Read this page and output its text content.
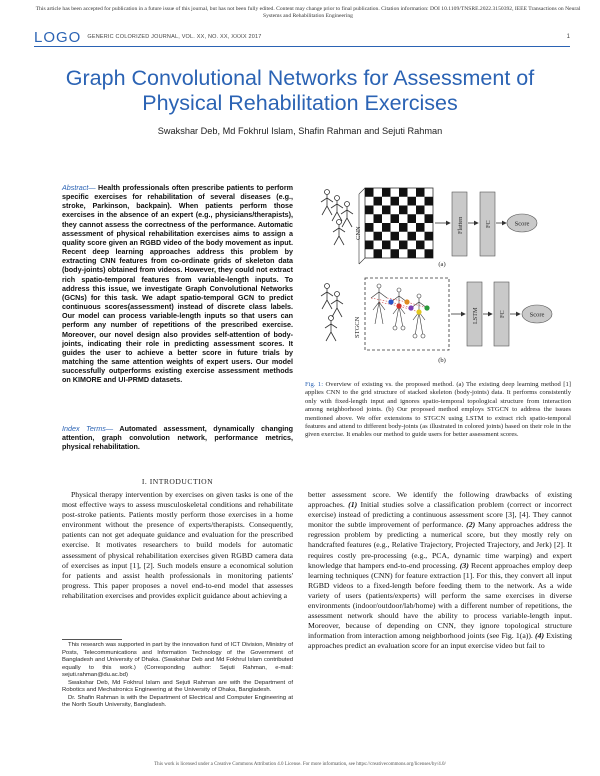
This article has been accepted for publication in a future issue of this journal, but has not been fully edited. Content may change prior to final publication. Citation information: DOI 10.1109/TNSRE.2022.3150392, IEEE Transactions on Neural Systems and Rehabilitation Engineering
LOGO GENERIC COLORIZED JOURNAL, VOL. XX, NO. XX, XXXX 2017	1
Graph Convolutional Networks for Assessment of Physical Rehabilitation Exercises
Swakshar Deb, Md Fokhrul Islam, Shafin Rahman and Sejuti Rahman
Abstract— Health professionals often prescribe patients to perform specific exercises for rehabilitation of several diseases (e.g., stroke, Parkinson, backpain). When patients perform those exercises in the absence of an expert (e.g., physicians/therapists), they cannot assess the correctness of the performance. Automatic assessment of physical rehabilitation exercises aims to assign a quality score given an RGBD video of the body movement as input. Recent deep learning approaches address this problem by extracting CNN features from co-ordinate grids of skeleton data (body-joints) obtained from videos. However, they could not extract rich spatio-temporal features from variable-length inputs. To address this issue, we investigate Graph Convolutional Networks (GCNs) for this task. We adapt spatio-temporal GCN to predict continuous scores(assessment) instead of discrete class labels. Our model can process variable-length inputs so that users can perform any number of repetitions of the prescribed exercise. Moreover, our novel design also provides self-attention of body-joints, indicating their role in predicting assessment scores. It guides the user to achieve a better score in future trials by matching the same attention weights of expert users. Our model successfully outperforms existing exercise assessment methods on KIMORE and UI-PRMD datasets.
Index Terms— Automated assessment, dynamically changing attention, graph convolution network, performance metrics, physical rehabilitation.
CNN	Flatten	FC	Score
(a)
STGCN
LSTM	FC	Score
(b)
Fig. 1: Overview of existing vs. the proposed method. (a) The existing deep learning method [1] applies CNN to the grid structure of stacked skeleton (body-joints) data. It performs consistently only with fixed-length input and ignores spatio-temporal topological structure from interaction among neighborhood joints. (b) Our proposed method employs STGCN to address the issues mentioned above. We offer extensions to STGCN using LSTM to extract rich spatio-temporal features and attend to different body-joints (as illustrated in colored joints) based on their role in the given exercise. It enables our method to guide users for better assessment scores.
I. INTRODUCTION
Physical therapy intervention by exercises on given tasks is one of the most effective ways to assess musculoskeletal conditions and rehabilitate post-stroke patients. Patients mostly perform those exercises in a home environment without the presence of experts/therapists. Consequently, patients can not get adequate guidance and evaluation for the prescribed exercise. It motivates researchers to build models for automatic assessment of physical rehabilitation exercises given RGBD camera data of exercises as input [1], [2]. Such models ensure a economical solution for patients and assist health professionals in monitoring patients' progress. This paper proposes a novel end-to-end model that assesses rehabilitation exercises and provides explicit guidance about achieving a
better assessment score. We identify the following drawbacks of existing approaches. (1) Initial studies solve a classification problem (correct or incorrect exercise) instead of predicting a continuous assessment score [3], [4]. They cannot monitor the subtle improvement of performance. (2) Many approaches address the regression problem by predicting a numerical score, but they mostly rely on handcrafted features (e.g., Relative Trajectory, Projected Trajectory, and Jerk) [2]. It requires costly pre-processing (e.g., PCA, dynamic time warping) and expert knowledge that hampers end-to-end processing. (3) Recent approaches employ deep learning techniques (CNN) for feature extraction [1]. For this, they convert all input RGBD videos to a fixed-length before feeding them to the network. As a wide variety of users (patients/experts) will perform the same exercises in diverse environments (indoor/outdoor/lab/home) with a different number of repetitions, the assessment network should have the ability to process variable-length input. Moreover, because of depending on CNN, they ignore topological structure information from interaction among neighborhood joints (see Fig. 1(a)). (4) Existing approaches predict an evaluation score for an input exercise video but fail to

This research was supported in part by the innovation fund of ICT Division, Ministry of Posts, Telecommunications and Information Technology of the Government of Bangladesh and University of Dhaka. (Swakshar Deb and Md Fokhrul Islam contributed equally to this work.) (Corresponding author: Sejuti Rahman, e-mail: sejuti.rahman@du.ac.bd)

Swakshar Deb, Md Fokhrul Islam and Sejuti Rahman are with the Department of Robotics and Mechatronics Engineering at the University of Dhaka, Bangladesh.

Dr. Shafin Rahman is with the Department of Electrical and Computer Engineering at the North South University, Bangladesh.

This work is licensed under a Creative Commons Attribution 4.0 License. For more information, see https://creativecommons.org/licenses/by/4.0/
